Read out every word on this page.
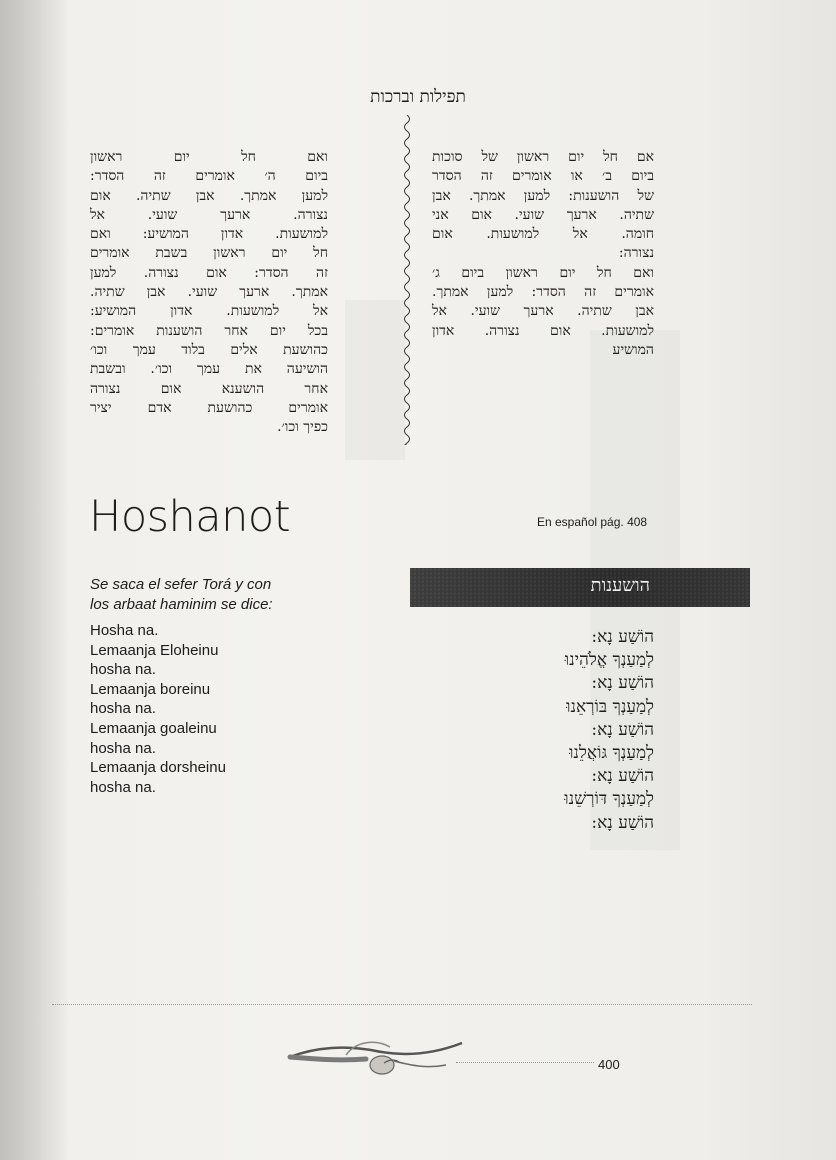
תפילות וברכות
אם חל יום ראשון של סוכות
ביום ב׳ או אומרים זה הסדר
של הושענות: למען אמתך. אבן
שתיה. ארעך שועי. אום אני
חומה. אל למושעות. אום
נצורה:
ואם חל יום ראשון ביום ג׳
אומרים זה הסדר: למען אמתך.
אבן שתיה. ארעך שועי. אל
למושעות. אום נצורה. אדון
המושיע
ואם חל יום ראשון
ביום ה׳ אומרים זה הסדר:
למען אמתך. אבן שתיה. אום
נצורה. ארעך שועי. אל
למושעות. אדון המושיע: ואם
חל יום ראשון בשבת אומרים
זה הסדר: אום נצורה. למען
אמתך. ארעך שועי. אבן שתיה.
אל למושעות. אדון המושיע:
בכל יום אחר הושענות אומרים:
כהושעת אלים בלוד עמך וכו׳
הושיעה את עמך וכו׳. ובשבת
אחר הושענא אום נצורה
אומרים כהושעת אדם יציר
כפיך וכו׳.
Hoshanot	En español pág. 408
Se saca el sefer Torá y con
los arbaat haminim se dice:
Hosha na.
Lemaanja Eloheinu
hosha na.
Lemaanja boreinu
hosha na.
Lemaanja goaleinu
hosha na.
Lemaanja dorsheinu
hosha na.
הושענות
הוֹשַׁע נָא:
לְמַעַנְךָ אֱלֹהֵינוּ
הוֹשַׁע נָא:
לְמַעַנְךָ בּוֹרְאֵנוּ
הוֹשַׁע נָא:
לְמַעַנְךָ גּוֹאֲלֵנוּ
הוֹשַׁע נָא:
לְמַעַנְךָ דּוֹרְשֵׁנוּ
הוֹשַׁע נָא:
400
